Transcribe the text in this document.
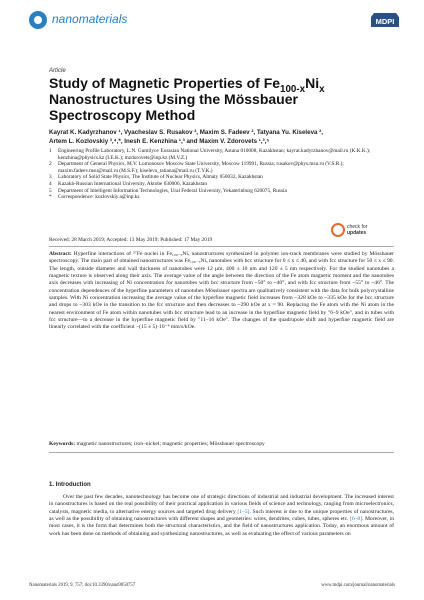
nanomaterials	MDPI
Article
Study of Magnetic Properties of $Fe_{100-x}Ni_x$
Nanostructures Using the Mössbauer
Spectroscopy Method
Kayrat K. Kadyrzhanov ¹, Vyacheslav S. Rusakov ², Maxim S. Fadeev ², Tatyana Yu. Kiseleva ²,
Artem L. Kozlovskiy ³,⁴,*, Inesh E. Kenzhina ¹,³ and Maxim V. Zdorovets ¹,³,⁵
1 Engineering Profile Laboratory, L.N. Gumilyov Eurasian National University, Astana 010008, Kazakhstan; kayrat.kadyrzhanov@mail.ru (K.K.K.); kenzhina@physics.kz (I.E.K.); mzdorovets@inp.kz (M.V.Z.)
2 Department of General Physics, M.V. Lomonosov Moscow State University, Moscow 119991, Russia; rusakov@phys.msu.ru (V.S.R.); maxim.fadeev.msu@mail.ru (M.S.F.); kiseleva_tatiana@mail.ru (T.Y.K.)
3 Laboratory of Solid State Physics, The Institute of Nuclear Physics, Almaty 050032, Kazakhstan
4 Kazakh-Russian International University, Aktobe 030006, Kazakhstan
5 Department of Intelligent Information Technologies, Ural Federal University, Yekaterinburg 620075, Russia
* Correspondence: kozlovskiy.a@inp.kz
check for
updates
Received: 28 March 2019; Accepted: 13 May 2019; Published: 17 May 2019
Abstract: Hyperfine interactions of ⁵⁷Fe nuclei in Fe₁₀₀₋ₓNiₓ nanostructures synthesized in polymer ion-track membranes were studied by Mössbauer spectroscopy. The main part of obtained nanostructures was Fe₁₀₀₋ₓNiₓ nanotubes with bcc structure for 0 ≤ x ≤ 40, and with fcc structure for 50 ≤ x ≤ 90. The length, outside diameter and wall thickness of nanotubes were 12 µm, 400 ± 10 nm and 120 ± 5 nm respectively. For the studied nanotubes a magnetic texture is observed along their axis. The average value of the angle between the direction of the Fe atom magnetic moment and the nanotubes axis decreases with increasing of Ni concentration for nanotubes with bcc structure from ~50° to ~40°, and with fcc structure from ~55° to ~46°. The concentration dependences of the hyperfine parameters of nanotubes Mössbauer spectra are qualitatively consistent with the data for bulk polycrystalline samples. With Ni concentration increasing the average value of the hyperfine magnetic field increases from ~328 kOe to ~335 kOe for the bcc structure and drops to ~303 kOe in the transition to the fcc structure and then decreases to ~290 kOe at x = 90. Replacing the Fe atom with the Ni atom in the nearest environment of Fe atom within nanotubes with bcc structure lead to an increase in the hyperfine magnetic field by "6–9 kOe", and in tubes with fcc structure—to a decrease in the hyperfine magnetic field by "11–16 kOe". The changes of the quadrupole shift and hyperfine magnetic field are linearly correlated with the coefficient −(15 ± 5)·10⁻⁴ mm/s/kOe.
Keywords: magnetic nanostructures; iron–nickel; magnetic properties; Mössbauer spectroscopy
1. Introduction
Over the past few decades, nanotechnology has become one of strategic directions of industrial and industrial development. The increased interest in nanostructures is based on the real possibility of their practical application in various fields of science and technology, ranging from microelectronics, catalysts, magnetic media, to alternative energy sources and targeted drug delivery [1–5]. Such interest is due to the unique properties of nanostructures, as well as the possibility of obtaining nanostructures with different shapes and geometries: wires, dendrites, cubes, tubes, spheres etc. [6–8]. Moreover, in most cases, it is the form that determines both the structural characteristics, and the field of nanostructures application. Today, an enormous amount of work has been done on methods of obtaining and synthesizing nanostructures, as well as evaluating the effect of various parameters on
Nanomaterials 2019, 9, 757; doi:10.3390/nano9050757	www.mdpi.com/journal/nanomaterials
